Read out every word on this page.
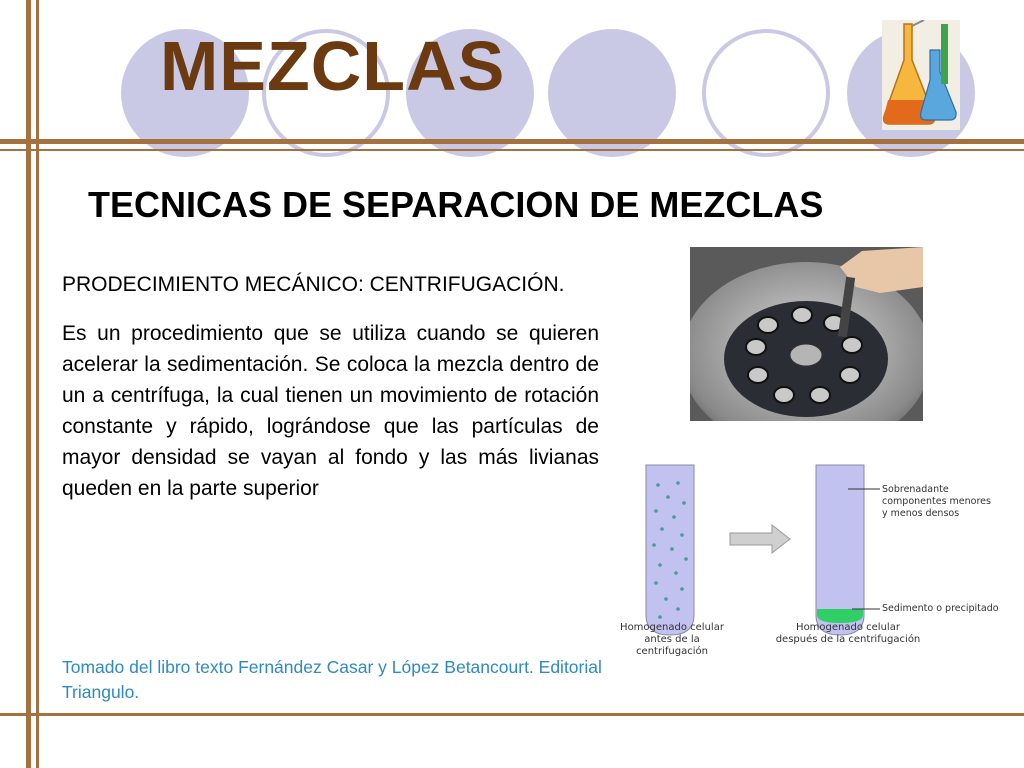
Sobrenadante
componentes menores
y menos densos
Sedimento o precipitado
Homogenado celular
antes de la centrifugación
Homogenado celular
después de la centrifugación
MEZCLAS
TECNICAS DE SEPARACION DE MEZCLAS
PRODECIMIENTO MECÁNICO: CENTRIFUGACIÓN.
Es un procedimiento que se utiliza cuando se quieren acelerar la sedimentación. Se coloca la mezcla dentro de un a centrífuga, la cual tienen un movimiento de rotación constante y rápido, lográndose que las partículas de mayor densidad se vayan al fondo y las más livianas queden en la parte superior
Tomado del libro texto Fernández Casar y López Betancourt. Editorial Triangulo.
